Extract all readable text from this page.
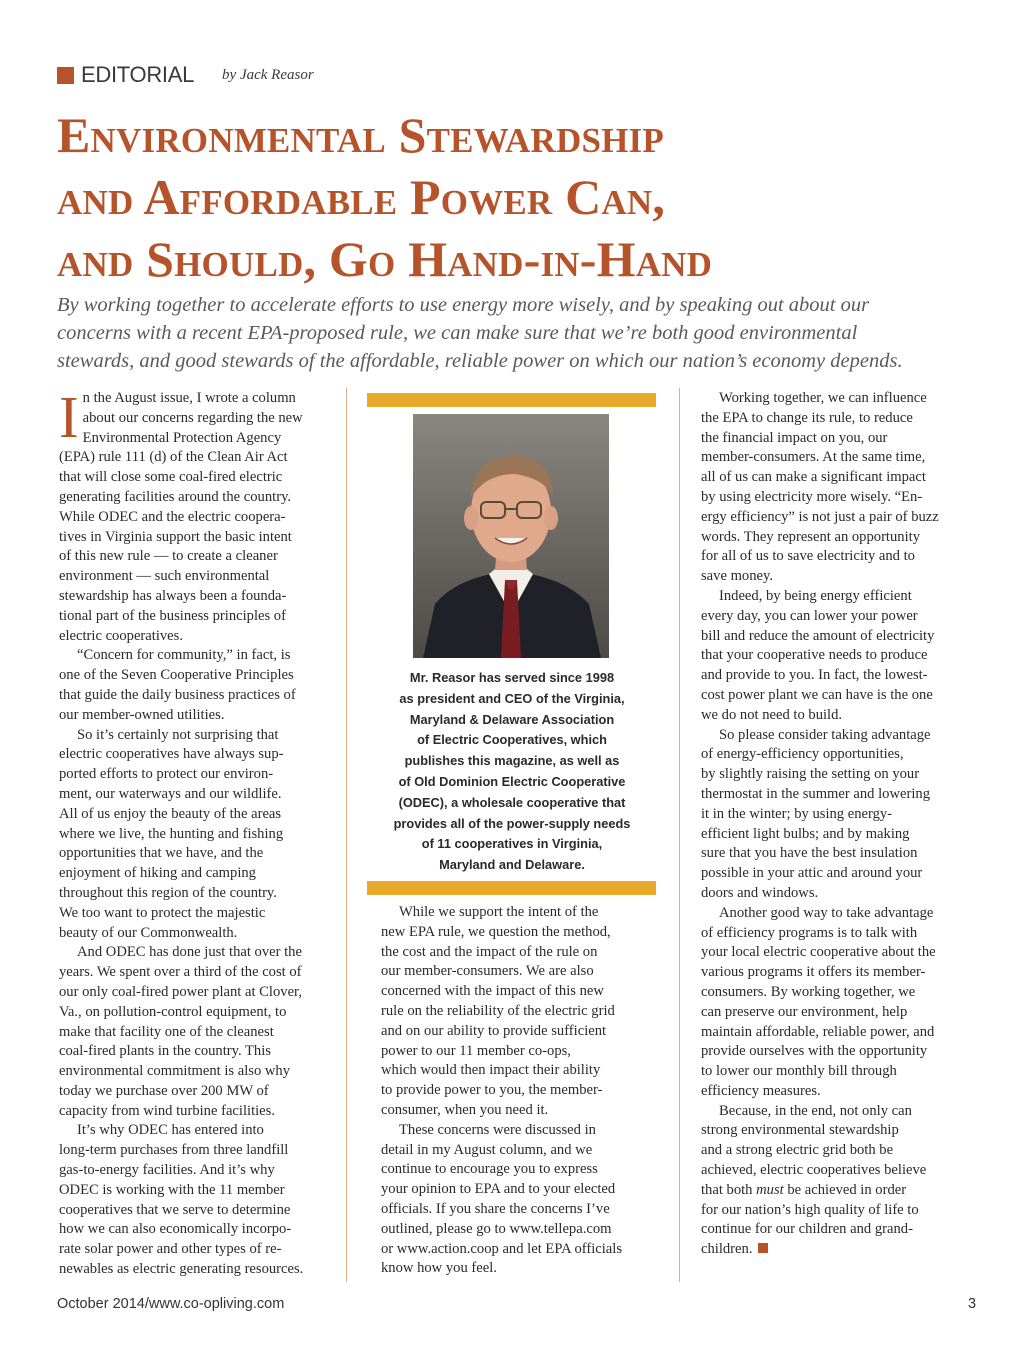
EDITORIAL by Jack Reasor
Environmental Stewardship
and Affordable Power Can,
and Should, Go Hand-in-Hand
By working together to accelerate efforts to use energy more wisely, and by speaking out about our
concerns with a recent EPA-proposed rule, we can make sure that we’re both good environmental
stewards, and good stewards of the affordable, reliable power on which our nation’s economy depends.

I n the August issue, I wrote a column
about our concerns regarding the new
Environmental Protection Agency
(EPA) rule 111 (d) of the Clean Air Act
that will close some coal-fired electric
generating facilities around the country.
While ODEC and the electric coopera-
tives in Virginia support the basic intent
of this new rule — to create a cleaner
environment — such environmental
stewardship has always been a founda-
tional part of the business principles of
electric cooperatives.

“Concern for community,” in fact, is

one of the Seven Cooperative Principles
that guide the daily business practices of
our member-owned utilities.

So it’s certainly not surprising that

electric cooperatives have always sup-
ported efforts to protect our environ-
ment, our waterways and our wildlife.
All of us enjoy the beauty of the areas
where we live, the hunting and fishing
opportunities that we have, and the
enjoyment of hiking and camping
throughout this region of the country.
We too want to protect the majestic
beauty of our Commonwealth.

And ODEC has done just that over the

years. We spent over a third of the cost of
our only coal-fired power plant at Clover,
Va., on pollution-control equipment, to
make that facility one of the cleanest
coal-fired plants in the country. This
environmental commitment is also why
today we purchase over 200 MW of
capacity from wind turbine facilities.

It’s why ODEC has entered into

long-term purchases from three landfill
gas-to-energy facilities. And it’s why
ODEC is working with the 11 member
cooperatives that we serve to determine
how we can also economically incorpo-
rate solar power and other types of re-
newables as electric generating resources.

Mr. Reasor has served since 1998
as president and CEO of the Virginia,
Maryland & Delaware Association
of Electric Cooperatives, which
publishes this magazine, as well as
of Old Dominion Electric Cooperative
(ODEC), a wholesale cooperative that
provides all of the power-supply needs
of 11 cooperatives in Virginia,
Maryland and Delaware.

While we support the intent of the

new EPA rule, we question the method,
the cost and the impact of the rule on
our member-consumers. We are also
concerned with the impact of this new
rule on the reliability of the electric grid
and on our ability to provide sufficient
power to our 11 member co-ops,
which would then impact their ability
to provide power to you, the member-
consumer, when you need it.

These concerns were discussed in

detail in my August column, and we
continue to encourage you to express
your opinion to EPA and to your elected
officials. If you share the concerns I’ve
outlined, please go to www.tellepa.com
or www.action.coop and let EPA officials
know how you feel.

Working together, we can influence

the EPA to change its rule, to reduce
the financial impact on you, our
member-consumers. At the same time,
all of us can make a significant impact
by using electricity more wisely. “En-
ergy efficiency” is not just a pair of buzz
words. They represent an opportunity
for all of us to save electricity and to
save money.

Indeed, by being energy efficient

every day, you can lower your power
bill and reduce the amount of electricity
that your cooperative needs to produce
and provide to you. In fact, the lowest-
cost power plant we can have is the one
we do not need to build.

So please consider taking advantage

of energy-efficiency opportunities,
by slightly raising the setting on your
thermostat in the summer and lowering
it in the winter; by using energy-
efficient light bulbs; and by making
sure that you have the best insulation
possible in your attic and around your
doors and windows.

Another good way to take advantage

of efficiency programs is to talk with
your local electric cooperative about the
various programs it offers its member-
consumers. By working together, we
can preserve our environment, help
maintain affordable, reliable power, and
provide ourselves with the opportunity
to lower our monthly bill through
efficiency measures.

Because, in the end, not only can

strong environmental stewardship
and a strong electric grid both be
achieved, electric cooperatives believe
that both must be achieved in order
for our nation’s high quality of life to
continue for our children and grand-
children.

October 2014/www.co-opliving.com	3
